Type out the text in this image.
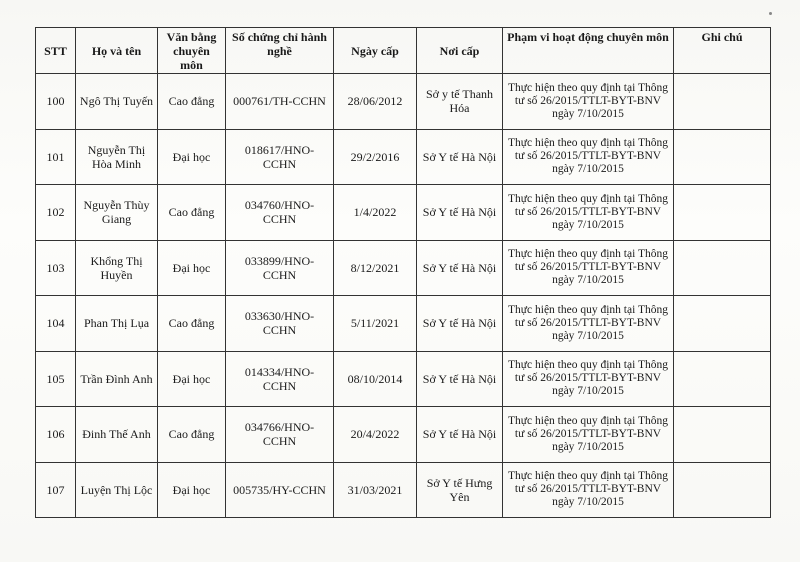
STT	Họ và tên	Văn bằng chuyên môn	Số chứng chỉ hành nghề	Ngày cấp	Nơi cấp	Phạm vi hoạt động chuyên môn	Ghi chú
100	Ngô Thị Tuyến	Cao đẳng	000761/TH-CCHN	28/06/2012	Sở y tế Thanh Hóa	Thực hiện theo quy định tại Thông tư số 26/2015/TTLT-BYT-BNV ngày 7/10/2015	
101	Nguyễn Thị Hòa Minh	Đại học	018617/HNO-CCHN	29/2/2016	Sở Y tế Hà Nội	Thực hiện theo quy định tại Thông tư số 26/2015/TTLT-BYT-BNV ngày 7/10/2015	
102	Nguyễn Thùy Giang	Cao đẳng	034760/HNO-CCHN	1/4/2022	Sở Y tế Hà Nội	Thực hiện theo quy định tại Thông tư số 26/2015/TTLT-BYT-BNV ngày 7/10/2015	
103	Khổng Thị Huyền	Đại học	033899/HNO-CCHN	8/12/2021	Sở Y tế Hà Nội	Thực hiện theo quy định tại Thông tư số 26/2015/TTLT-BYT-BNV ngày 7/10/2015	
104	Phan Thị Lụa	Cao đẳng	033630/HNO-CCHN	5/11/2021	Sở Y tế Hà Nội	Thực hiện theo quy định tại Thông tư số 26/2015/TTLT-BYT-BNV ngày 7/10/2015	
105	Trần Đình Anh	Đại học	014334/HNO-CCHN	08/10/2014	Sở Y tế Hà Nội	Thực hiện theo quy định tại Thông tư số 26/2015/TTLT-BYT-BNV ngày 7/10/2015	
106	Đinh Thế Anh	Cao đẳng	034766/HNO-CCHN	20/4/2022	Sở Y tế Hà Nội	Thực hiện theo quy định tại Thông tư số 26/2015/TTLT-BYT-BNV ngày 7/10/2015	
107	Luyện Thị Lộc	Đại học	005735/HY-CCHN	31/03/2021	Sở Y tế Hưng Yên	Thực hiện theo quy định tại Thông tư số 26/2015/TTLT-BYT-BNV ngày 7/10/2015	
